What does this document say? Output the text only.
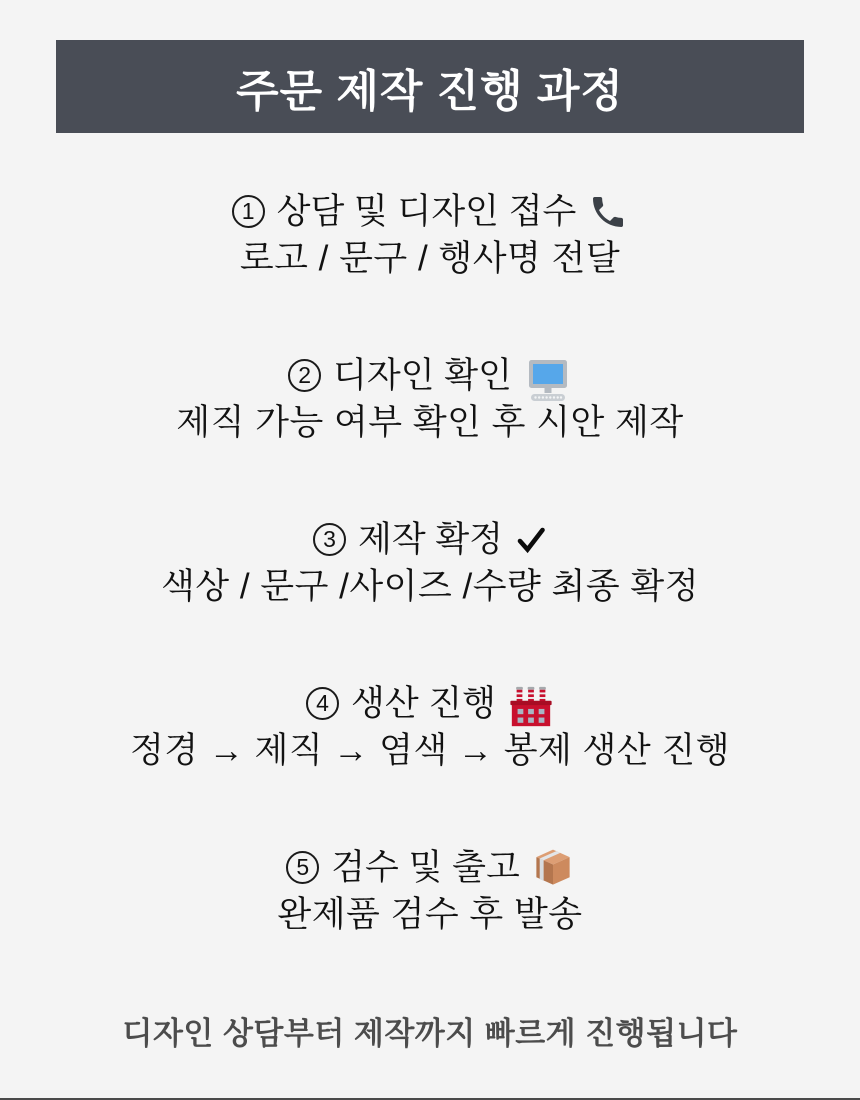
주문 제작 진행 과정
1 상담 및 디자인 접수
로고 / 문구 / 행사명 전달
2 디자인 확인
제직 가능 여부 확인 후 시안 제작
3 제작 확정
색상 / 문구 /사이즈 /수량 최종 확정
4 생산 진행
정경 → 제직 → 염색 → 봉제 생산 진행
5 검수 및 출고
완제품 검수 후 발송
디자인 상담부터 제작까지 빠르게 진행됩니다
